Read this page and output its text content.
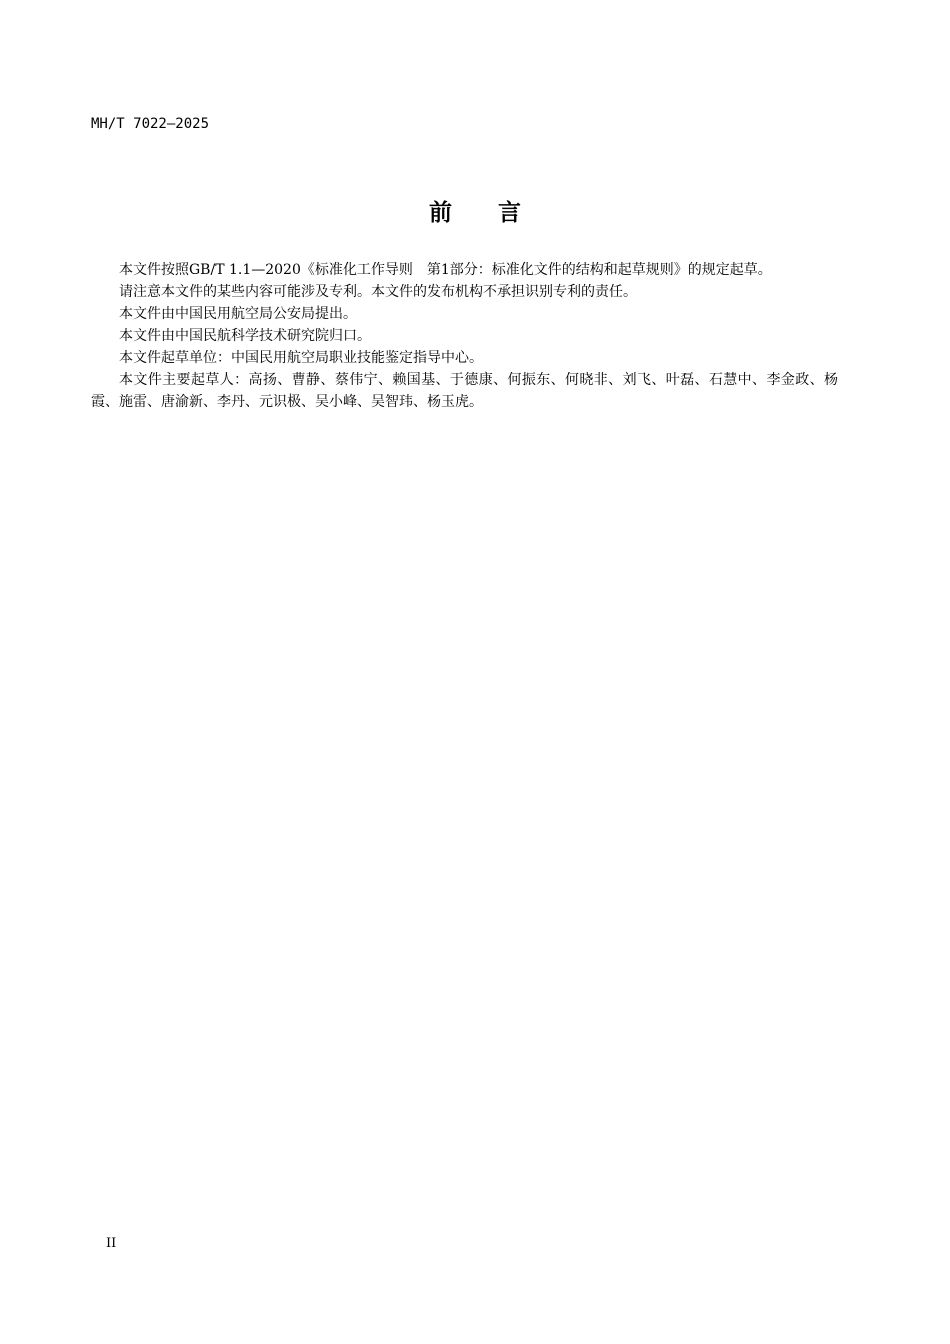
MH/T 7022—2025
前 言

本文件按照GB/T 1.1—2020《标准化工作导则　第1部分：标准化文件的结构和起草规则》的规定起草。

请注意本文件的某些内容可能涉及专利。本文件的发布机构不承担识别专利的责任。

本文件由中国民用航空局公安局提出。

本文件由中国民航科学技术研究院归口。

本文件起草单位：中国民用航空局职业技能鉴定指导中心。

本文件主要起草人：高扬、曹静、蔡伟宁、赖国基、于德康、何振东、何晓非、刘飞、叶磊、石慧中、李金政、杨霞、施雷、唐渝新、李丹、元识极、吴小峰、吴智玮、杨玉虎。

II
